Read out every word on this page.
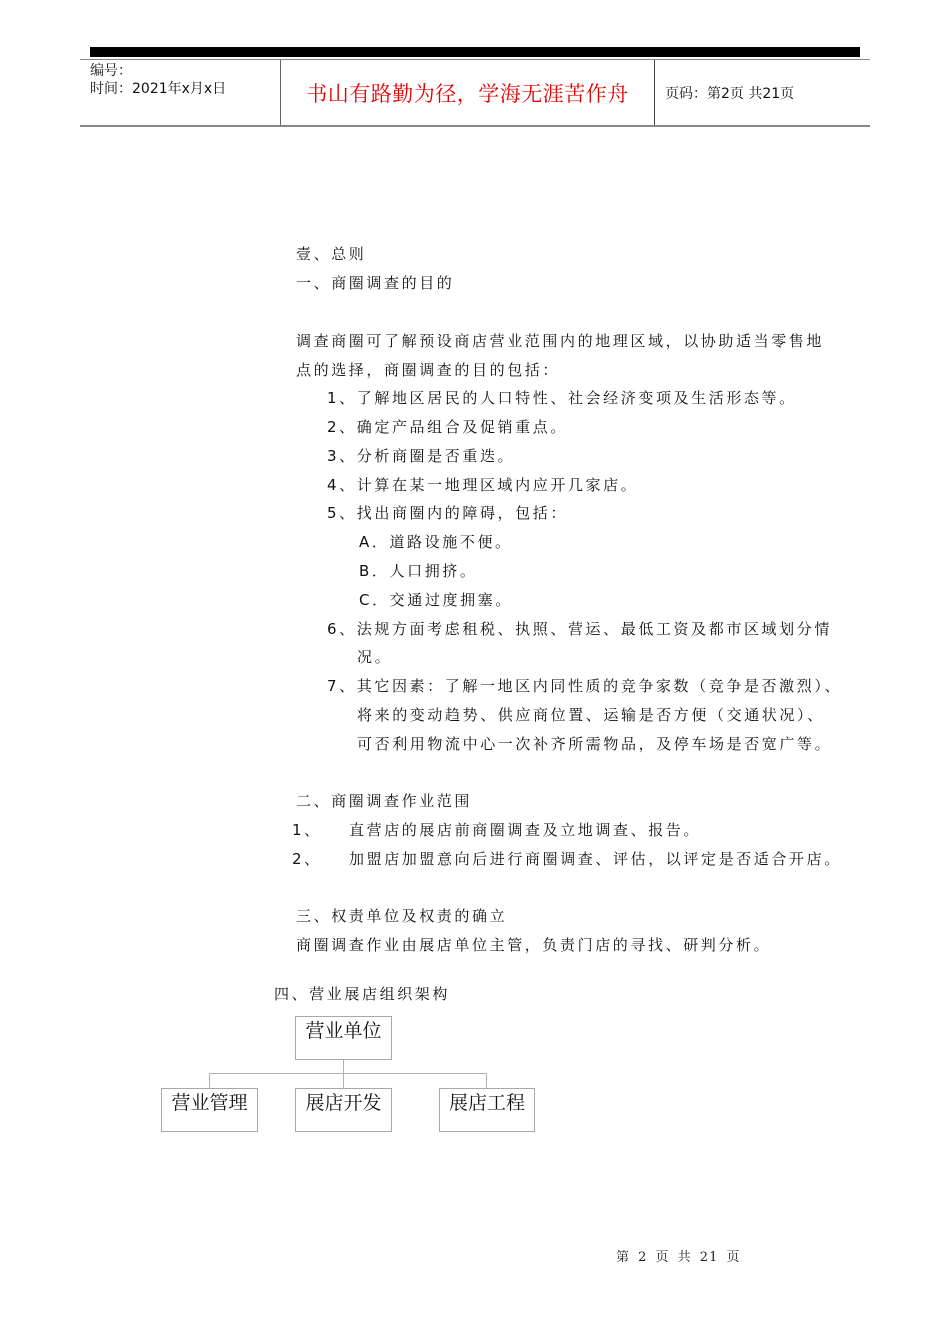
编号：
时间：2021年x月x日	书山有路勤为径，学海无涯苦作舟	页码：第2页 共21页
壹、总则
一、商圈调查的目的
调查商圈可了解预设商店营业范围内的地理区域，以协助适当零售地
点的选择，商圈调查的目的包括：
1、了解地区居民的人口特性、社会经济变项及生活形态等。
2、确定产品组合及促销重点。
3、分析商圈是否重迭。
4、计算在某一地理区域内应开几家店。
5、找出商圈内的障碍，包括：
A．道路设施不便。
B．人口拥挤。
C．交通过度拥塞。
6、法规方面考虑租税、执照、营运、最低工资及都市区域划分情
况。
7、其它因素：了解一地区内同性质的竞争家数（竞争是否激烈）、
将来的变动趋势、供应商位置、运输是否方便（交通状况）、
可否利用物流中心一次补齐所需物品，及停车场是否宽广等。
二、商圈调查作业范围
1、 直营店的展店前商圈调查及立地调查、报告。
2、 加盟店加盟意向后进行商圈调查、评估，以评定是否适合开店。
三、权责单位及权责的确立
商圈调查作业由展店单位主管，负责门店的寻找、研判分析。
四、营业展店组织架构
营业单位
营业管理	展店开发	展店工程
第 2 页 共 21 页
